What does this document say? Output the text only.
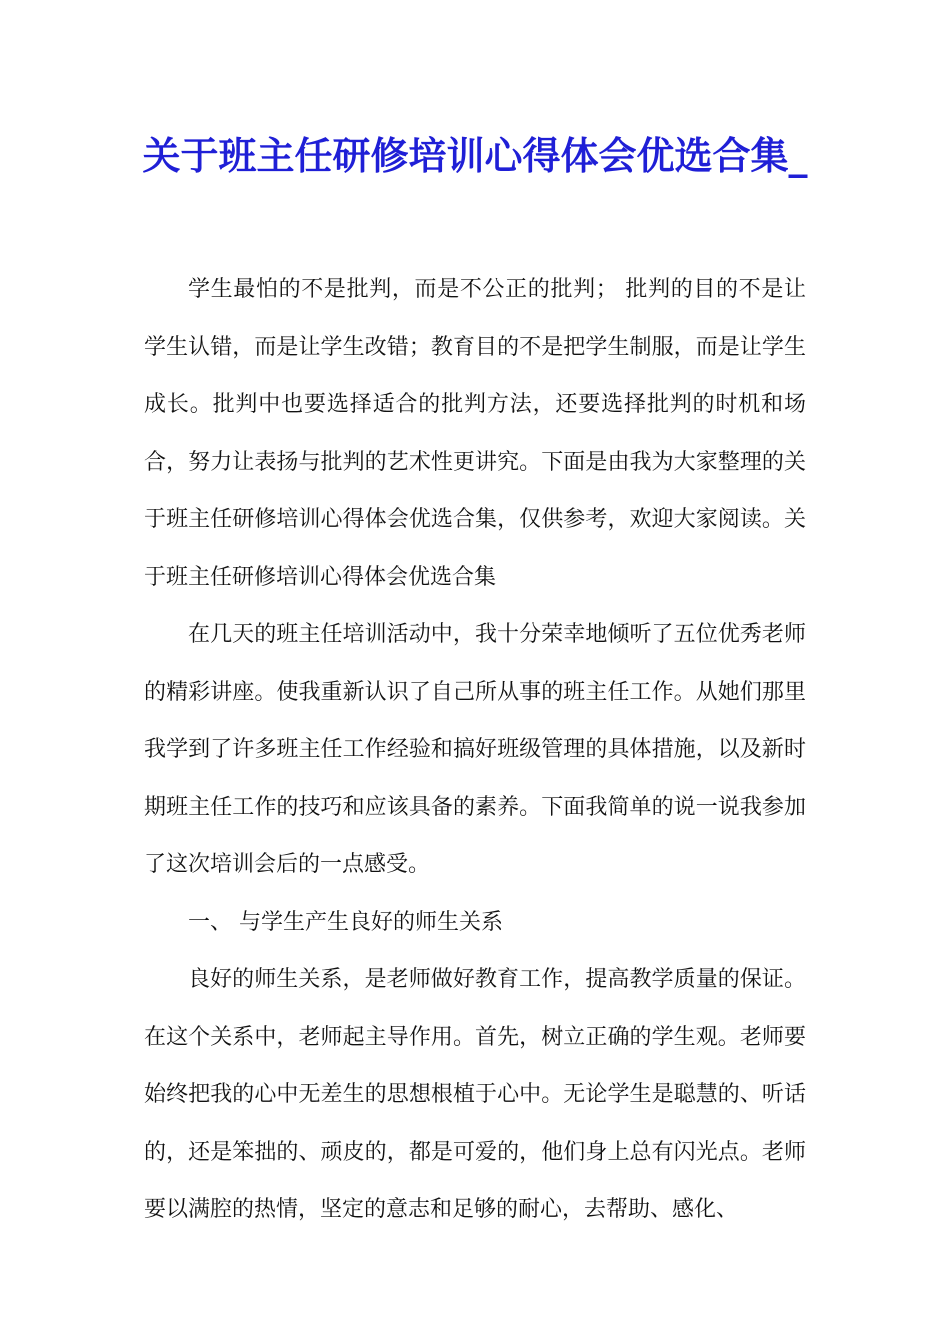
关于班主任研修培训心得体会优选合集_

学生最怕的不是批判，而是不公正的批判； 批判的目的不是让学生认错，而是让学生改错；教育目的不是把学生制服，而是让学生成长。批判中也要选择适合的批判方法，还要选择批判的时机和场合，努力让表扬与批判的艺术性更讲究。下面是由我为大家整理的关于班主任研修培训心得体会优选合集，仅供参考，欢迎大家阅读。关于班主任研修培训心得体会优选合集

在几天的班主任培训活动中，我十分荣幸地倾听了五位优秀老师的精彩讲座。使我重新认识了自己所从事的班主任工作。从她们那里我学到了许多班主任工作经验和搞好班级管理的具体措施，以及新时期班主任工作的技巧和应该具备的素养。下面我简单的说一说我参加了这次培训会后的一点感受。

一、 与学生产生良好的师生关系

良好的师生关系，是老师做好教育工作，提高教学质量的保证。在这个关系中，老师起主导作用。首先，树立正确的学生观。老师要始终把我的心中无差生的思想根植于心中。无论学生是聪慧的、听话的，还是笨拙的、顽皮的，都是可爱的，他们身上总有闪光点。老师要以满腔的热情，坚定的意志和足够的耐心，去帮助、感化、
